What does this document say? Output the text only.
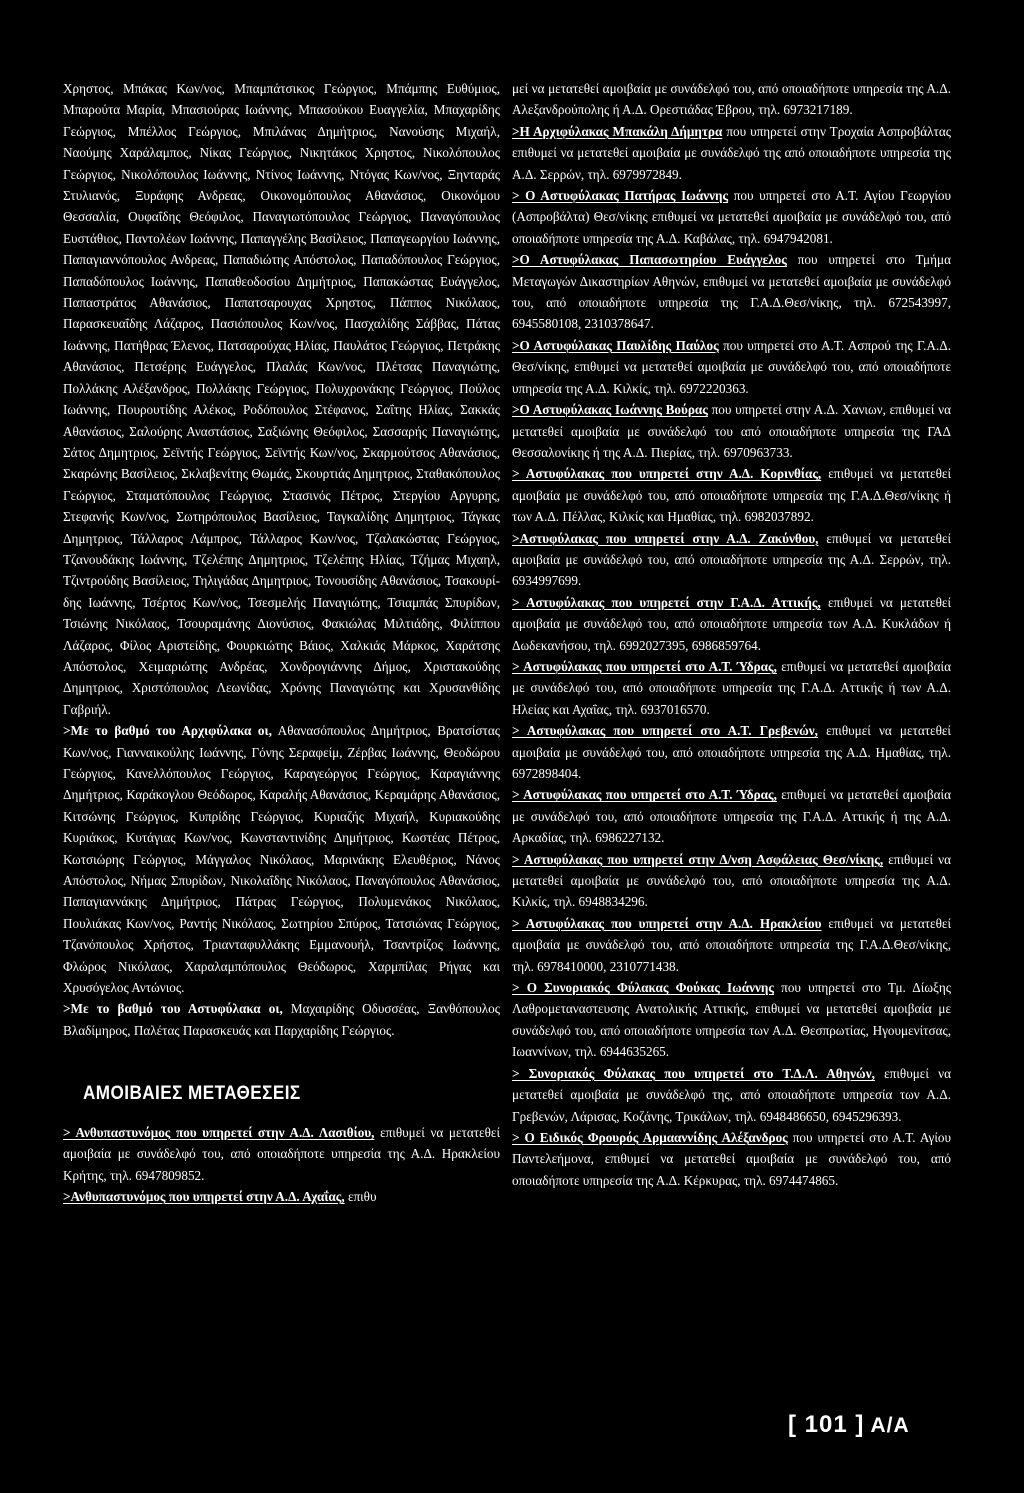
Χρηστος, Μπάκας Κων/νος, Μπαμπάτσικος Γεώργιος, Μπάμπης Ευθύμιος, Μπαρούτα Μαρία, Μπασιούρας Ιωάννης, Μπασούκου Ευαγγελία, Μπαχαρίδης Γεώργιος, Μπέλλος Γεώργιος, Μπιλάνας Δημήτριος, Νανούσης Μιχαήλ, Ναούμης Χαράλαμπος, Νίκας Γεώργιος, Νικητάκος Χρηστος, Νικολόπουλος Γεώργιος, Νικολόπουλος Ιωάννης, Ντίνος Ιωάννης, Ντόγας Κων/νος, Ξηνταράς Στυλιανός, Ξυράφης Ανδρεας, Οικονομόπουλος Αθανάσιος, Οικονόμου Θεσσαλία, Ουφαΐδης Θεόφιλος, Παναγιωτόπουλος Γεώργιος, Παναγόπουλος Ευστάθιος, Παντολέων Ιωάννης, Παπαγγέλης Βασίλειος, Παπαγεωργίου Ιωάννης, Παπαγιαννόπουλος Ανδρεας, Παπαδιώτης Απόστολος, Παπαδόπουλος Γεώργιος, Παπαδόπουλος Ιωάννης, Παπαθεοδοσίου Δημήτριος, Παπακώστας Ευάγγελος, Παπαστράτος Αθανάσιος, Παπατσαρουχας Χρηστος, Πάππος Νικόλαος, Παρασκευαΐδης Λάζαρος, Πασιόπουλος Κων/νος, Πασχαλίδης Σάββας, Πάτας Ιωάννης, Πατήθρας Έλενος, Πατσαρούχας Ηλίας, Παυλάτος Γεώργιος, Πετράκης Αθανάσιος, Πετσέρης Ευάγγελος, Πλαλάς Κων/νος, Πλέτσας Παναγιώτης, Πολλάκης Αλέξανδρος, Πολλάκης Γεώργιος, Πολυχρονάκης Γεώργιος, Πούλος Ιωάννης, Πουρουτίδης Αλέκος, Ροδόπουλος Στέφανος, Σαΐτης Ηλίας, Σακκάς Αθανάσιος, Σαλούρης Αναστάσιος, Σαξιώνης Θεόφιλος, Σασσαρής Παναγιώτης, Σάτος Δημητριος, Σεϊντής Γεώργιος, Σεϊντής Κων/νος, Σκαρμούτσος Αθανάσιος, Σκαρώνης Βασίλειος, Σκλαβενίτης Θωμάς, Σκουρτιάς Δημητριος, Σταθακόπουλος Γεώργιος, Σταματόπουλος Γεώργιος, Στασινός Πέτρος, Στεργίου Αργυρης, Στεφανής Κων/νος, Σωτηρόπουλος Βασίλειος, Ταγκαλίδης Δημητριος, Τάγκας Δημητριος, Τάλλαρος Λάμπρος, Τάλλαρος Κων/νος, Τζαλακώστας Γεώργιος, Τζανουδάκης Ιωάννης, Τζελέπης Δημητριος, Τζελέπης Ηλίας, Τζήμας Μιχαηλ, Τζιντρούδης Βασίλειος, Τηλιγάδας Δημητριος, Τονουσίδης Αθανάσιος, Τσακουρίδης Ιωάννης, Τσέρτος Κων/νος, Τσεσμελής Παναγιώτης, Τσιαμπάς Σπυρίδων, Τσιώνης Νικόλαος, Τσουραμάνης Διονύσιος, Φακιώλας Μιλτιάδης, Φιλίππου Λάζαρος, Φίλος Αριστείδης, Φουρκιώτης Βάιος, Χαλκιάς Μάρκος, Χαράτσης Απόστολος, Χειμαριώτης Ανδρέας, Χονδρογιάννης Δήμος, Χριστακούδης Δημητριος, Χριστόπουλος Λεωνίδας, Χρόνης Παναγιώτης και Χρυσανθίδης Γαβριήλ.

>Με το βαθμό του Αρχιφύλακα οι, Αθανασόπουλος Δημήτριος, Βρατσίστας Κων/νος, Γιανναικούλης Ιωάννης, Γόνης Σεραφείμ, Ζέρβας Ιωάννης, Θεοδώρου Γεώργιος, Κανελλόπουλος Γεώργιος, Καραγεώργος Γεώργιος, Καραγιάννης Δημήτριος, Καράκογλου Θεόδωρος, Καραλής Αθανάσιος, Κεραμάρης Αθανάσιος, Κιτσώνης Γεώργιος, Κυπρίδης Γεώργιος, Κυριαζής Μιχαήλ, Κυριακούδης Κυριάκος, Κυτάγιας Κων/νος, Κωνσταντινίδης Δημήτριος, Κωστέας Πέτρος, Κωτσιώρης Γεώργιος, Μάγγαλος Νικόλαος, Μαρινάκης Ελευθέριος, Νάνος Απόστολος, Νήμας Σπυρίδων, Νικολαΐδης Νικόλαος, Παναγόπουλος Αθανάσιος, Παπαγιαννάκης Δημήτριος, Πάτρας Γεώργιος, Πολυμενάκος Νικόλαος, Πουλιάκας Κων/νος, Ραντής Νικόλαος, Σωτηρίου Σπύρος, Τατσιώνας Γεώργιος, Τζανόπουλος Χρήστος, Τριανταφυλλάκης Εμμανουήλ, Τσαντρίζος Ιωάννης, Φλώρος Νικόλαος, Χαραλαμπόπουλος Θεόδωρος, Χαρμπίλας Ρήγας και Χρυσόγελος Αντώνιος.

>Με το βαθμό του Αστυφύλακα οι, Μαχαιρίδης Οδυσσέας, Ξανθόπουλος Βλαδίμηρος, Παλέτας Παρασκευάς και Παρχαρίδης Γεώργιος.

ΑΜΟΙΒΑΙΕΣ ΜΕΤΑΘΕΣΕΙΣ

> Ανθυπαστυνόμος που υπηρετεί στην Α.Δ. Λασιθίου, επιθυμεί να μετατεθεί αμοιβαία με συνάδελφό του, από οποιαδήποτε υπηρεσία της Α.Δ. Ηρακλείου Κρήτης, τηλ. 6947809852.

>Ανθυπαστυνόμος που υπηρετεί στην Α.Δ. Αχαΐας, επιθυ

μεί να μετατεθεί αμοιβαία με συνάδελφό του, από οποιαδήποτε υπηρεσία της Α.Δ. Αλεξανδρούπολης ή Α.Δ. Ορεστιάδας Έβρου, τηλ. 6973217189.

>Η Αρχιφύλακας Μπακάλη Δήμητρα που υπηρετεί στην Τροχαία Ασπροβάλτας επιθυμεί να μετατεθεί αμοιβαία με συνάδελφό της από οποιαδήποτε υπηρεσία της Α.Δ. Σερρών, τηλ. 6979972849.

> Ο Αστυφύλακας Πατήρας Ιωάννης που υπηρετεί στο Α.Τ. Αγίου Γεωργίου (Ασπροβάλτα) Θεσ/νίκης επιθυμεί να μετατεθεί αμοιβαία με συνάδελφό του, από οποιαδήποτε υπηρεσία της Α.Δ. Καβάλας, τηλ. 6947942081.

>Ο Αστυφύλακας Παπασωτηρίου Ευάγγελος που υπηρετεί στο Τμήμα Μεταγωγών Δικαστηρίων Αθηνών, επιθυμεί να μετατεθεί αμοιβαία με συνάδελφό του, από οποιαδήποτε υπηρεσία της Γ.Α.Δ.Θεσ/νίκης, τηλ. 672543997, 6945580108, 2310378647.

>Ο Αστυφύλακας Παυλίδης Παύλος που υπηρετεί στο Α.Τ. Ασπρού της Γ.Α.Δ. Θεσ/νίκης, επιθυμεί να μετατεθεί αμοιβαία με συνάδελφό του, από οποιαδήποτε υπηρεσία της Α.Δ. Κιλκίς, τηλ. 6972220363.

>Ο Αστυφύλακας Ιωάννης Βούρας που υπηρετεί στην Α.Δ. Χανιων, επιθυμεί να μετατεθεί αμοιβαία με συνάδελφό του από οποιαδήποτε υπηρεσία της ΓΑΔ Θεσσαλονίκης ή της Α.Δ. Πιερίας, τηλ. 6970963733.

> Αστυφύλακας που υπηρετεί στην Α.Δ. Κορινθίας, επιθυμεί να μετατεθεί αμοιβαία με συνάδελφό του, από οποιαδήποτε υπηρεσία της Γ.Α.Δ.Θεσ/νίκης ή των Α.Δ. Πέλλας, Κιλκίς και Ημαθίας, τηλ. 6982037892.

>Αστυφύλακας που υπηρετεί στην Α.Δ. Ζακύνθου, επιθυμεί να μετατεθεί αμοιβαία με συνάδελφό του, από οποιαδήποτε υπηρεσία της Α.Δ. Σερρών, τηλ. 6934997699.

> Αστυφύλακας που υπηρετεί στην Γ.Α.Δ. Αττικής, επιθυμεί να μετατεθεί αμοιβαία με συνάδελφό του, από οποιαδήποτε υπηρεσία των Α.Δ. Κυκλάδων ή Δωδεκανήσου, τηλ. 6992027395, 6986859764.

> Αστυφύλακας που υπηρετεί στο Α.Τ. Ύδρας, επιθυμεί να μετατεθεί αμοιβαία με συνάδελφό του, από οποιαδήποτε υπηρεσία της Γ.Α.Δ. Αττικής ή των Α.Δ. Ηλείας και Αχαΐας, τηλ. 6937016570.

> Αστυφύλακας που υπηρετεί στο Α.Τ. Γρεβενών, επιθυμεί να μετατεθεί αμοιβαία με συνάδελφό του, από οποιαδήποτε υπηρεσία της Α.Δ. Ημαθίας, τηλ. 6972898404.

> Αστυφύλακας που υπηρετεί στο Α.Τ. Ύδρας, επιθυμεί να μετατεθεί αμοιβαία με συνάδελφό του, από οποιαδήποτε υπηρεσία της Γ.Α.Δ. Αττικής ή της Α.Δ. Αρκαδίας, τηλ. 6986227132.

> Αστυφύλακας που υπηρετεί στην Δ/νση Ασφάλειας Θεσ/νίκης, επιθυμεί να μετατεθεί αμοιβαία με συνάδελφό του, από οποιαδήποτε υπηρεσία της Α.Δ. Κιλκίς, τηλ. 6948834296.

> Αστυφύλακας που υπηρετεί στην Α.Δ. Ηρακλείου επιθυμεί να μετατεθεί αμοιβαία με συνάδελφό του, από οποιαδήποτε υπηρεσία της Γ.Α.Δ.Θεσ/νίκης, τηλ. 6978410000, 2310771438.

> Ο Συνοριακός Φύλακας Φούκας Ιωάννης που υπηρετεί στο Τμ. Δίωξης Λαθρομεταναστευσης Ανατολικής Αττικής, επιθυμεί να μετατεθεί αμοιβαία με συνάδελφό του, από οποιαδήποτε υπηρεσία των Α.Δ. Θεσπρωτίας, Ηγουμενίτσας, Ιωαννίνων, τηλ. 6944635265.

> Συνοριακός Φύλακας που υπηρετεί στο Τ.Δ.Λ. Αθηνών, επιθυμεί να μετατεθεί αμοιβαία με συνάδελφό της, από οποιαδήποτε υπηρεσία των Α.Δ. Γρεβενών, Λάρισας, Κοζάνης, Τρικάλων, τηλ. 6948486650, 6945296393.

> Ο Ειδικός Φρουρός Αρμααννίδης Αλέξανδρος που υπηρετεί στο Α.Τ. Αγίου Παντελεήμονα, επιθυμεί να μετατεθεί αμοιβαία με συνάδελφό του, από οποιαδήποτε υπηρεσία της Α.Δ. Κέρκυρας, τηλ. 6974474865.

[ 101 ] Α/Α
